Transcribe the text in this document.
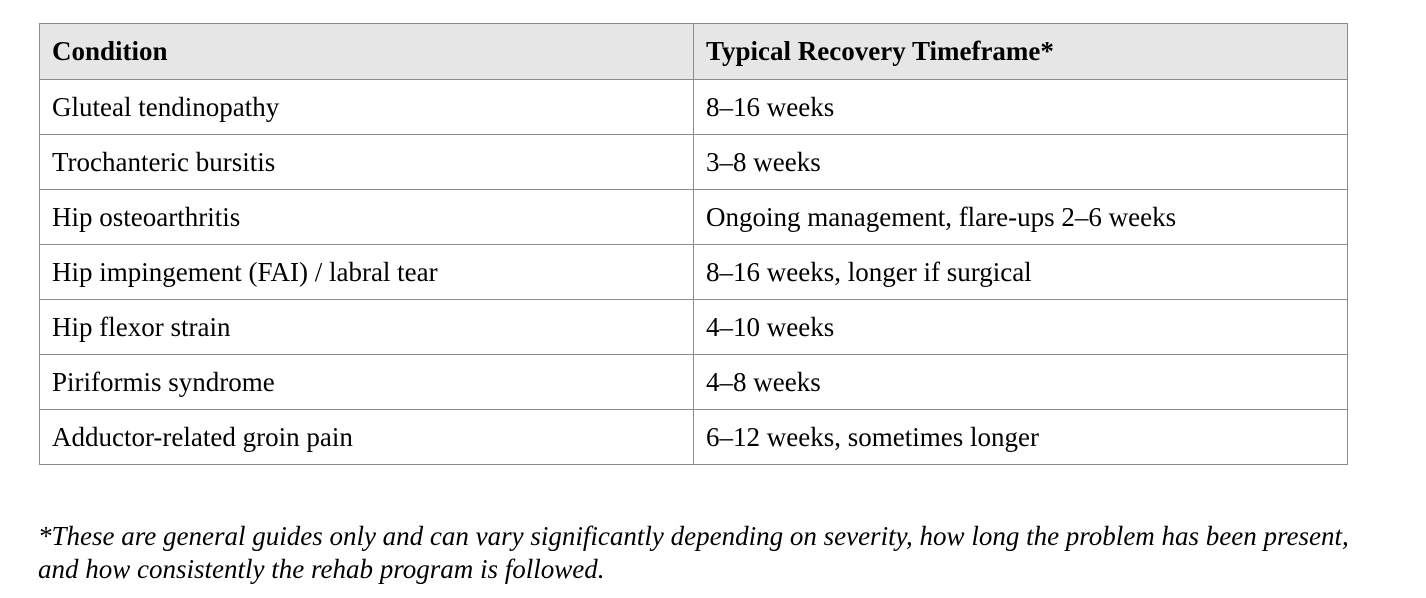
Condition	Typical Recovery Timeframe*
Gluteal tendinopathy	8–16 weeks
Trochanteric bursitis	3–8 weeks
Hip osteoarthritis	Ongoing management, flare-ups 2–6 weeks
Hip impingement (FAI) / labral tear	8–16 weeks, longer if surgical
Hip flexor strain	4–10 weeks
Piriformis syndrome	4–8 weeks
Adductor-related groin pain	6–12 weeks, sometimes longer

*These are general guides only and can vary significantly depending on severity, how long the problem has been present, and how consistently the rehab program is followed.
